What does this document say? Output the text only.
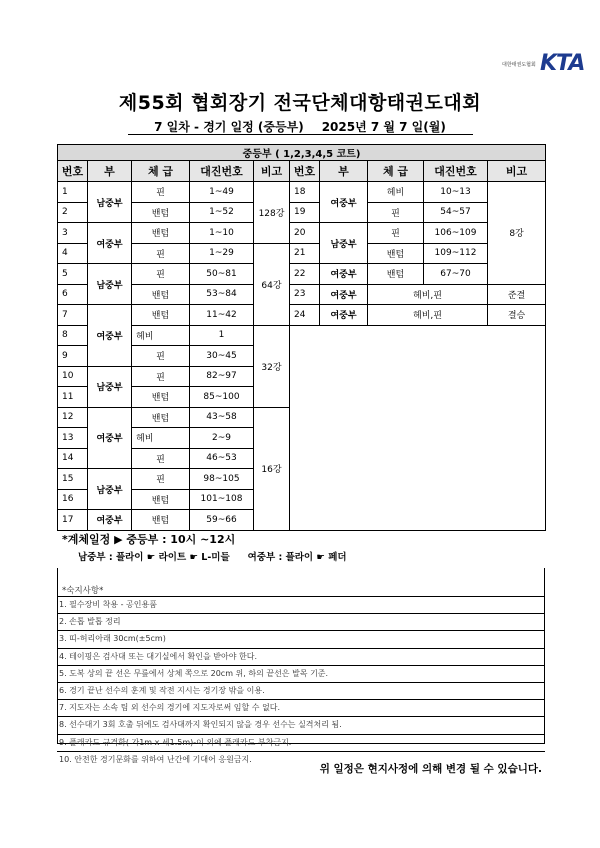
대한태권도협회 KTA
제55회 협회장기 전국단체대항태권도대회
7 일차 - 경기 일정 (중등부) 2025년 7 월 7 일(월)
중등부 ( 1,2,3,4,5 코트)									
번호	부	체 급	대진번호	비고	번호	부	체 급	대진번호	비고
1	남중부	핀	1~49	128강	18	여중부	헤비	10~13	8강
2		밴텀	1~52		19		핀	54~57	
3	여중부	밴텀	1~10		20	남중부	핀	106~109	
4		핀	1~29	64강	21		밴텀	109~112	
5	남중부	핀	50~81		22	여중부	밴텀	67~70	
6		밴텀	53~84		23	여중부	헤비,핀		준결
7	여중부	밴텀	11~42		24	여중부	헤비,핀		결승
8		헤비	1	32강					
9		핀	30~45						
10	남중부	핀	82~97						
11		밴텀	85~100						
12	여중부	밴텀	43~58	16강					
13		헤비	2~9						
14		핀	46~53						
15	남중부	핀	98~105						
16		밴텀	101~108						
17	여중부	밴텀	59~66						
*계체일정 ▶ 중등부 : 10시 ~12시
남중부 : 플라이 ☛ 라이트 ☛ L-미들 여중부 : 플라이 ☛ 페더
*숙지사항*
1. 필수장비 착용 - 공인용품
2. 손톱 발톱 정리
3. 띠-허리아래 30cm(±5cm)
4. 테이핑은 검사대 또는 대기실에서 확인을 받아야 한다.
5. 도복 상의 끝 선은 무릎에서 상체 쪽으로 20cm 위, 하의 끝선은 발목 기준.
6. 경기 끝난 선수의 훈계 및 작전 지시는 경기장 밖을 이용.
7. 지도자는 소속 팀 외 선수의 경기에 지도자로써 임할 수 없다.
8. 선수대기 3회 호출 뒤에도 검사대까지 확인되지 않을 경우 선수는 실격처리 됨.
9. 플래카드 규격화( 가1m x 세1.5m)-이 외에 플래카드 부착금지.
10. 안전한 경기문화를 위하여 난간에 기대어 응원금지.
위 일정은 현지사정에 의해 변경 될 수 있습니다.
